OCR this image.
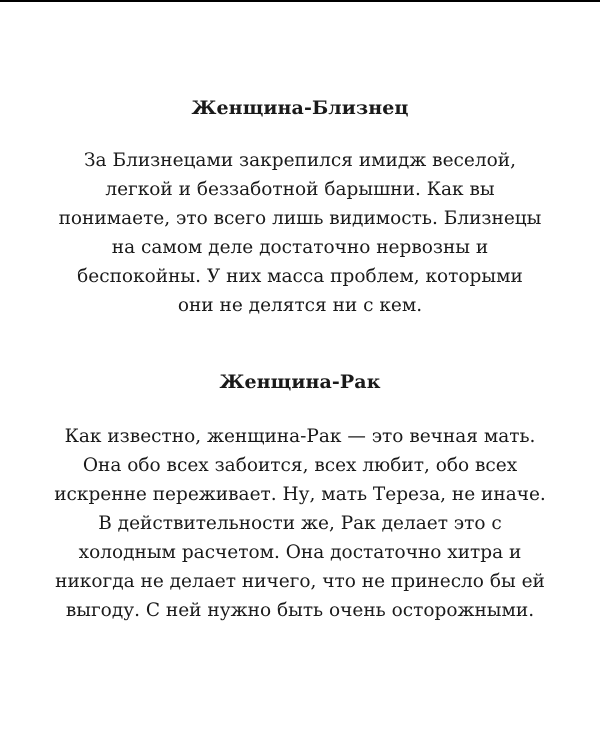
Женщина-Близнец
За Близнецами закрепился имидж веселой,
легкой и беззаботной барышни. Как вы
понимаете, это всего лишь видимость. Близнецы
на самом деле достаточно нервозны и
беспокойны. У них масса проблем, которыми
они не делятся ни с кем.
Женщина-Рак
Как известно, женщина-Рак — это вечная мать.
Она обо всех забоится, всех любит, обо всех
искренне переживает. Ну, мать Тереза, не иначе.
В действительности же, Рак делает это с
холодным расчетом. Она достаточно хитра и
никогда не делает ничего, что не принесло бы ей
выгоду. С ней нужно быть очень осторожными.
